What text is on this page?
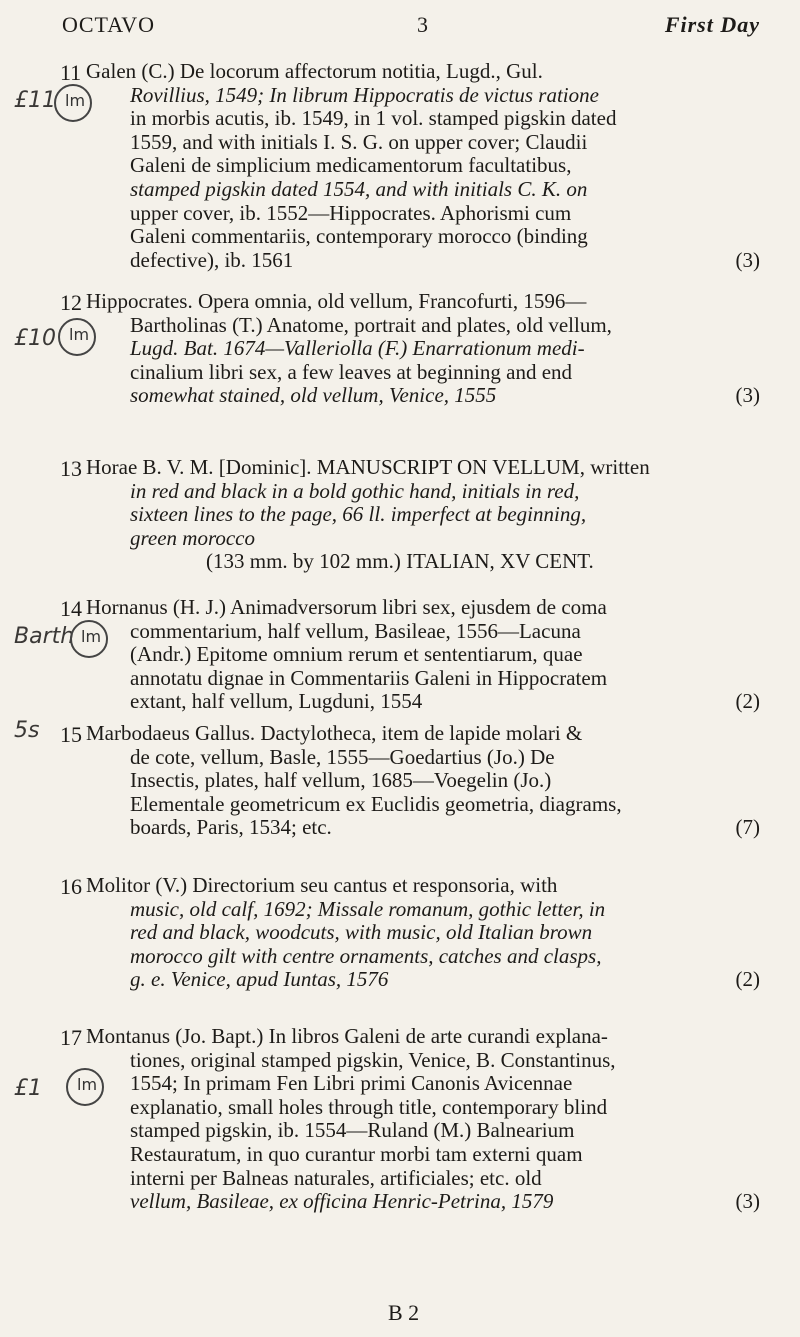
OCTAVO	3	First Day
11 Galen (C.) De locorum affectorum notitia, Lugd., Gul.
Rovillius, 1549; In librum Hippocratis de victus ratione
in morbis acutis, ib. 1549, in 1 vol. stamped pigskin dated
1559, and with initials I. S. G. on upper cover; Claudii
Galeni de simplicium medicamentorum facultatibus,
stamped pigskin dated 1554, and with initials C. K. on
upper cover, ib. 1552—Hippocrates. Aphorismi cum
Galeni commentariis, contemporary morocco (binding
defective), ib. 1561	(3)
£11 lm
12 Hippocrates. Opera omnia, old vellum, Francofurti, 1596—
Bartholinas (T.) Anatome, portrait and plates, old vellum,
Lugd. Bat. 1674—Valleriolla (F.) Enarrationum medi-
cinalium libri sex, a few leaves at beginning and end
somewhat stained, old vellum, Venice, 1555	(3)
£10 lm
13 Horae B. V. M. [Dominic]. MANUSCRIPT ON VELLUM, written
in red and black in a bold gothic hand, initials in red,
sixteen lines to the page, 66 ll. imperfect at beginning,
green morocco
(133 mm. by 102 mm.) ITALIAN, XV CENT.
14 Hornanus (H. J.) Animadversorum libri sex, ejusdem de coma
commentarium, half vellum, Basileae, 1556—Lacuna
(Andr.) Epitome omnium rerum et sententiarum, quae
annotatu dignae in Commentariis Galeni in Hippocratem
extant, half vellum, Lugduni, 1554	(2)
Barth lm
15 Marbodaeus Gallus. Dactylotheca, item de lapide molari &
de cote, vellum, Basle, 1555—Goedartius (Jo.) De
Insectis, plates, half vellum, 1685—Voegelin (Jo.)
Elementale geometricum ex Euclidis geometria, diagrams,
boards, Paris, 1534; etc.	(7)
5s
16 Molitor (V.) Directorium seu cantus et responsoria, with
music, old calf, 1692; Missale romanum, gothic letter, in
red and black, woodcuts, with music, old Italian brown
morocco gilt with centre ornaments, catches and clasps,
g. e. Venice, apud Iuntas, 1576	(2)
17 Montanus (Jo. Bapt.) In libros Galeni de arte curandi explana-
tiones, original stamped pigskin, Venice, B. Constantinus,
1554; In primam Fen Libri primi Canonis Avicennae
explanatio, small holes through title, contemporary blind
stamped pigskin, ib. 1554—Ruland (M.) Balnearium
Restauratum, in quo curantur morbi tam externi quam
interni per Balneas naturales, artificiales; etc. old
vellum, Basileae, ex officina Henric-Petrina, 1579	(3)
£1 lm
B 2
